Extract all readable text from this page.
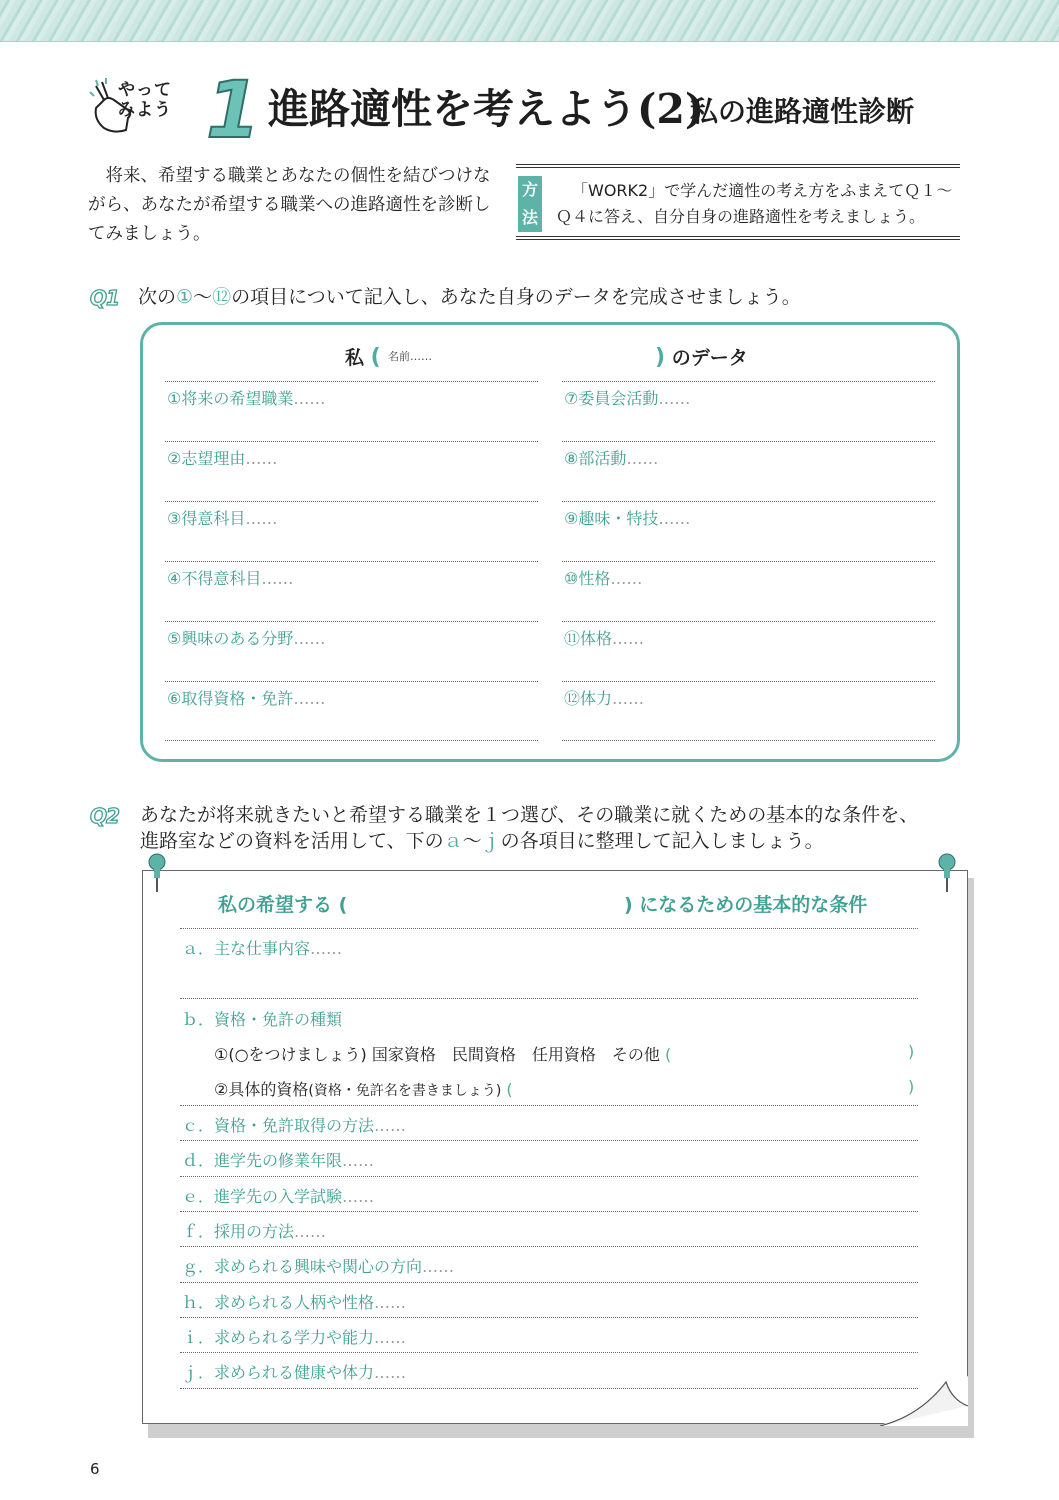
やって
みよう 1 進路適性を考えよう(2)
私の進路適性診断
将来、希望する職業とあなたの個性を結びつけながら、あなたが希望する職業への進路適性を診断してみましょう。
方
法
「WORK2」で学んだ適性の考え方をふまえてＱ１〜Ｑ４に答え、自分自身の進路適性を考えましょう。
Q1 次の①〜⑫の項目について記入し、あなた自身のデータを完成させましょう。
私 ( 名前……	) のデータ
①将来の希望職業……
②志望理由……
③得意科目……
④不得意科目……
⑤興味のある分野……
⑥取得資格・免許……
⑦委員会活動……
⑧部活動……
⑨趣味・特技……
⑩性格……
⑪体格……
⑫体力……
Q2 あなたが将来就きたいと希望する職業を１つ選び、その職業に就くための基本的な条件を、
進路室などの資料を活用して、下のａ〜ｊの各項目に整理して記入しましょう。
私の希望する (	) になるための基本的な条件
ａ．主な仕事内容……
ｂ．資格・免許の種類
①(○をつけましょう) 国家資格　民間資格　任用資格　その他 (	)
②具体的資格(資格・免許名を書きましょう) (	)
ｃ．資格・免許取得の方法……
ｄ．進学先の修業年限……
ｅ．進学先の入学試験……
ｆ．採用の方法……
ｇ．求められる興味や関心の方向……
ｈ．求められる人柄や性格……
ｉ．求められる学力や能力……
ｊ．求められる健康や体力……
6
